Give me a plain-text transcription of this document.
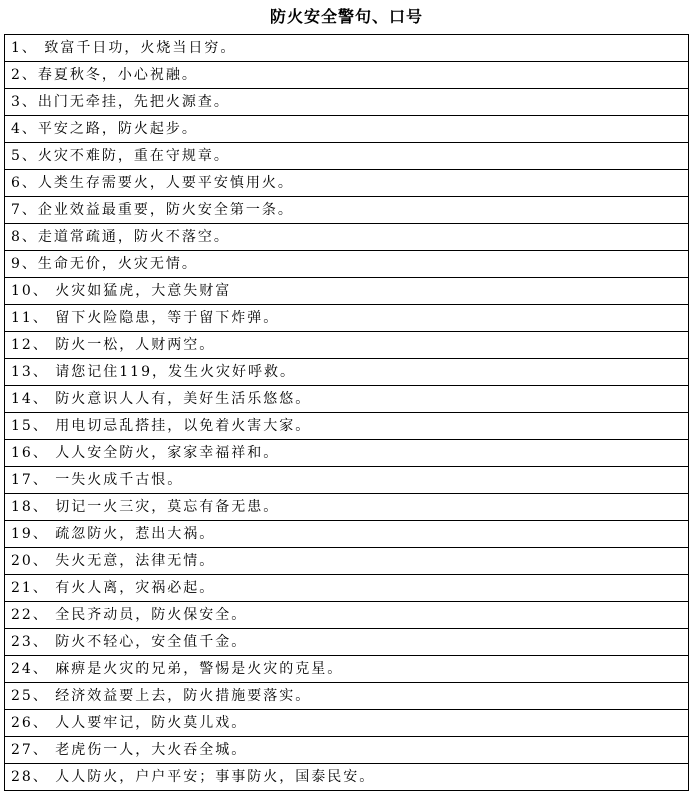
防火安全警句、口号
1、 致富千日功，火烧当日穷。
2、春夏秋冬，小心祝融。
3、出门无牵挂，先把火源查。
4、平安之路，防火起步。
5、火灾不难防，重在守规章。
6、人类生存需要火，人要平安慎用火。
7、企业效益最重要，防火安全第一条。
8、走道常疏通，防火不落空。
9、生命无价，火灾无情。
10、 火灾如猛虎，大意失财富
11、 留下火险隐患，等于留下炸弹。
12、 防火一松，人财两空。
13、 请您记住119，发生火灾好呼救。
14、 防火意识人人有，美好生活乐悠悠。
15、 用电切忌乱搭挂，以免着火害大家。
16、 人人安全防火，家家幸福祥和。
17、 一失火成千古恨。
18、 切记一火三灾，莫忘有备无患。
19、 疏忽防火，惹出大祸。
20、 失火无意，法律无情。
21、 有火人离，灾祸必起。
22、 全民齐动员，防火保安全。
23、 防火不轻心，安全值千金。
24、 麻痹是火灾的兄弟，警惕是火灾的克星。
25、 经济效益要上去，防火措施要落实。
26、 人人要牢记，防火莫儿戏。
27、 老虎伤一人，大火吞全城。
28、 人人防火，户户平安；事事防火，国泰民安。
